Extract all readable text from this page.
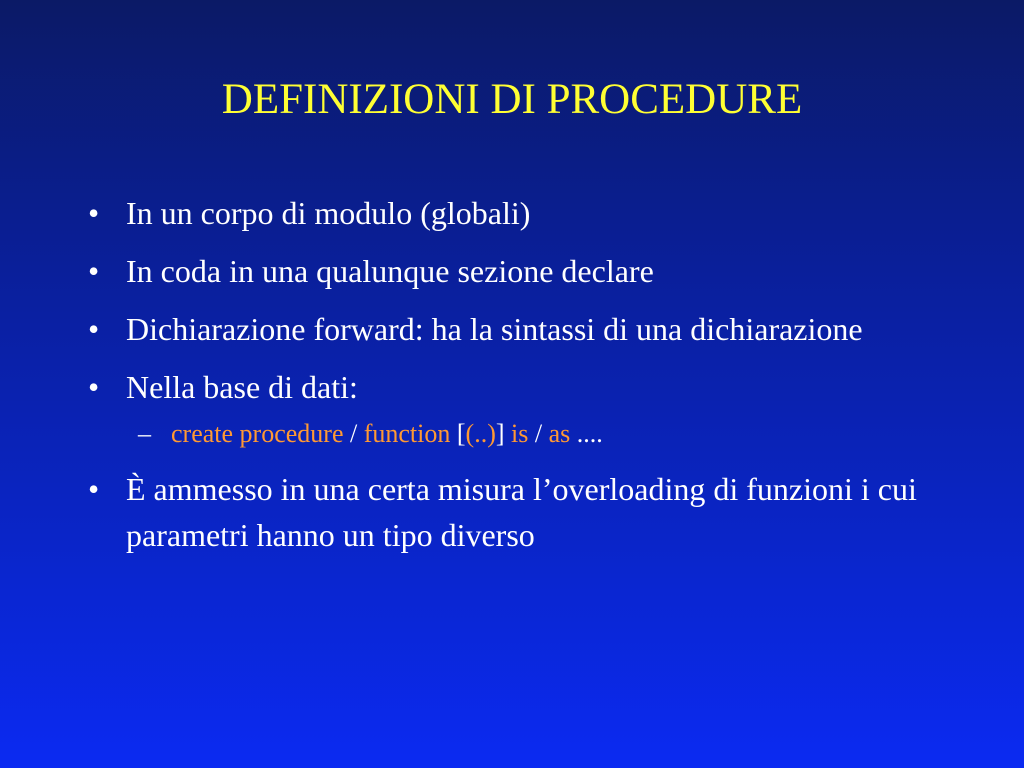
DEFINIZIONI DI PROCEDURE
• In un corpo di modulo (globali)
• In coda in una qualunque sezione declare
• Dichiarazione forward: ha la sintassi di una dichiarazione
• Nella base di dati:
– create procedure / function [(..)] is / as ....
• È ammesso in una certa misura l’overloading di funzioni i cui parametri hanno un tipo diverso
